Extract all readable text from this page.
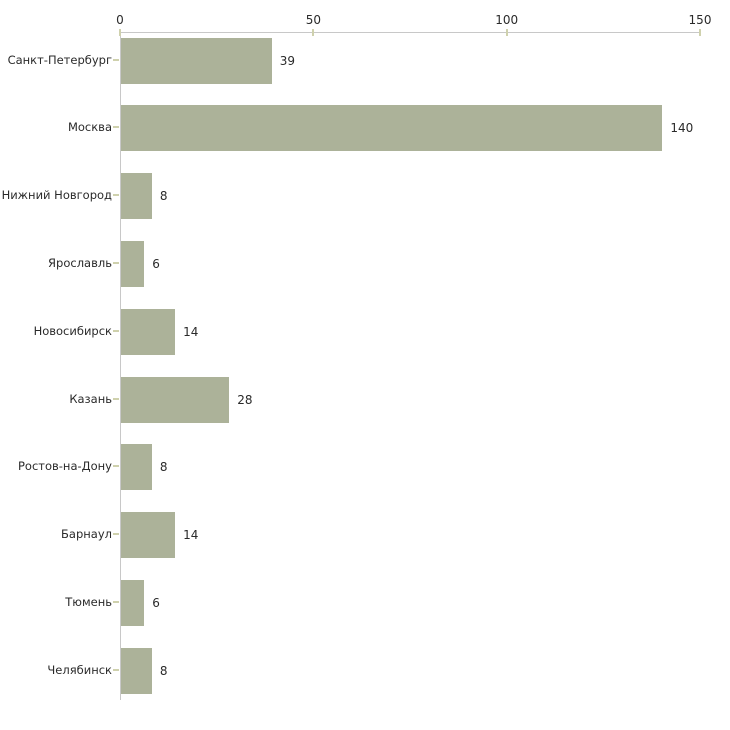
0	50	100	150
39
140
8
6
14
28
8
14
6
8
Санкт-Петербург
Москва
Нижний Новгород
Ярославль
Новосибирск
Казань
Ростов-на-Дону
Барнаул
Тюмень
Челябинск
